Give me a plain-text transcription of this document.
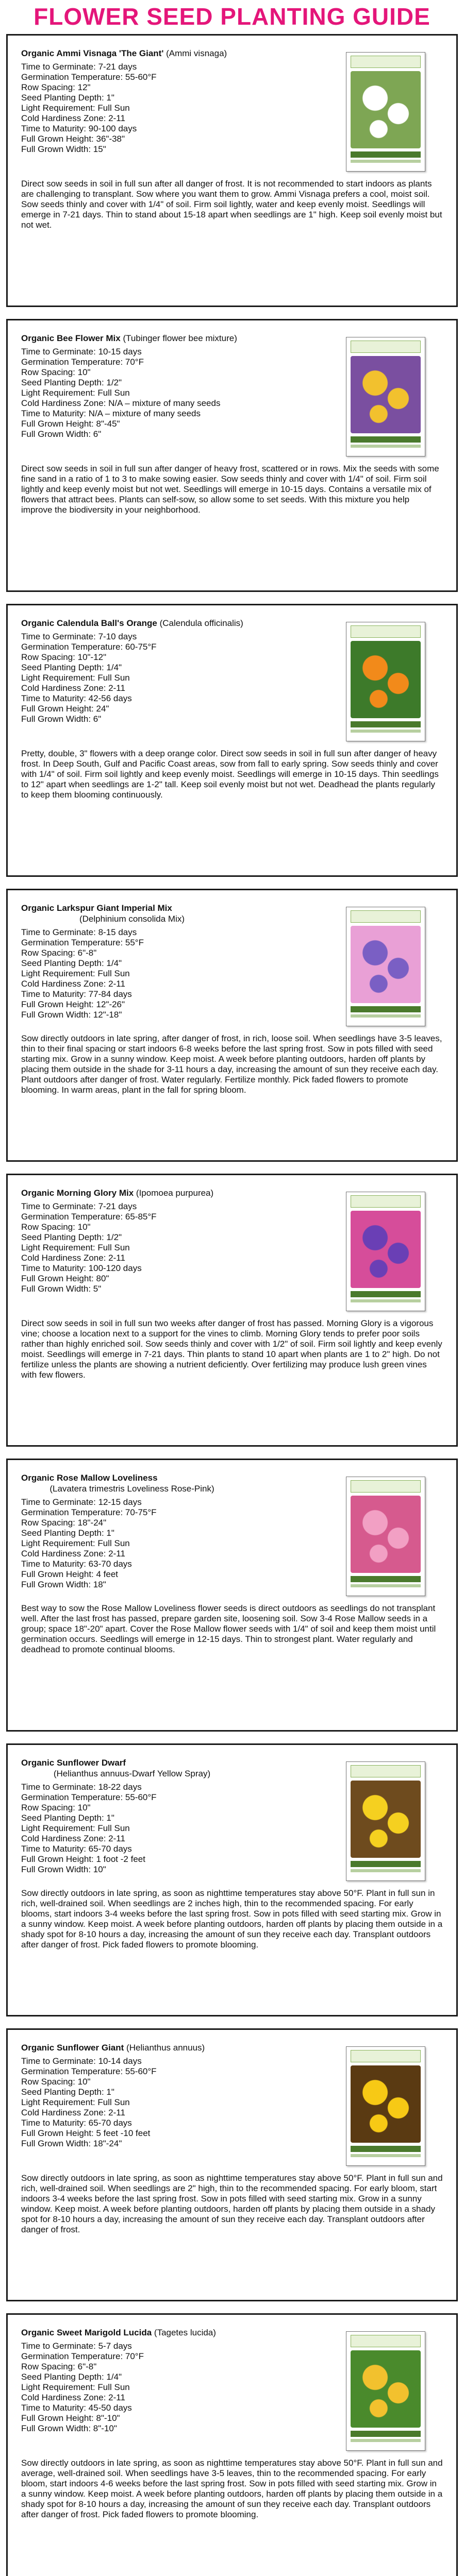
FLOWER SEED PLANTING GUIDE
Organic Ammi Visnaga 'The Giant' (Ammi visnaga)
Time to Germinate: 7-21 days
Germination Temperature: 55-60°F
Row Spacing: 12"
Seed Planting Depth: 1"
Light Requirement: Full Sun
Cold Hardiness Zone: 2-11
Time to Maturity: 90-100 days
Full Grown Height: 36"-38"
Full Grown Width: 15"
Direct sow seeds in soil in full sun after all danger of frost. It is not recommended to start indoors as plants are challenging to transplant. Sow where you want them to grow. Ammi Visnaga prefers a cool, moist soil. Sow seeds thinly and cover with 1/4" of soil. Firm soil lightly, water and keep evenly moist. Seedlings will emerge in 7-21 days. Thin to stand about 15-18 apart when seedlings are 1" high. Keep soil evenly moist but not wet.
Organic Bee Flower Mix (Tubinger flower bee mixture)
Time to Germinate: 10-15 days
Germination Temperature: 70°F
Row Spacing: 10"
Seed Planting Depth: 1/2"
Light Requirement: Full Sun
Cold Hardiness Zone: N/A – mixture of many seeds
Time to Maturity: N/A – mixture of many seeds
Full Grown Height: 8"-45"
Full Grown Width: 6"
Direct sow seeds in soil in full sun after danger of heavy frost, scattered or in rows. Mix the seeds with some fine sand in a ratio of 1 to 3 to make sowing easier. Sow seeds thinly and cover with 1/4" of soil. Firm soil lightly and keep evenly moist but not wet. Seedlings will emerge in 10-15 days. Contains a versatile mix of flowers that attract bees. Plants can self-sow, so allow some to set seeds. With this mixture you help improve the biodiversity in your neighborhood.
Organic Calendula Ball's Orange (Calendula officinalis)
Time to Germinate: 7-10 days
Germination Temperature: 60-75°F
Row Spacing: 10"-12"
Seed Planting Depth: 1/4"
Light Requirement: Full Sun
Cold Hardiness Zone: 2-11
Time to Maturity: 42-56 days
Full Grown Height: 24"
Full Grown Width: 6"
Pretty, double, 3" flowers with a deep orange color. Direct sow seeds in soil in full sun after danger of heavy frost. In Deep South, Gulf and Pacific Coast areas, sow from fall to early spring. Sow seeds thinly and cover with 1/4" of soil. Firm soil lightly and keep evenly moist. Seedlings will emerge in 10-15 days. Thin seedlings to 12" apart when seedlings are 1-2" tall. Keep soil evenly moist but not wet. Deadhead the plants regularly to keep them blooming continuously.
Organic Larkspur Giant Imperial Mix
(Delphinium consolida Mix)
Time to Germinate: 8-15 days
Germination Temperature: 55°F
Row Spacing: 6"-8"
Seed Planting Depth: 1/4"
Light Requirement: Full Sun
Cold Hardiness Zone: 2-11
Time to Maturity: 77-84 days
Full Grown Height: 12"-26"
Full Grown Width: 12"-18"
Sow directly outdoors in late spring, after danger of frost, in rich, loose soil. When seedlings have 3-5 leaves, thin to their final spacing or start indoors 6-8 weeks before the last spring frost. Sow in pots filled with seed starting mix. Grow in a sunny window. Keep moist. A week before planting outdoors, harden off plants by placing them outside in the shade for 3-11 hours a day, increasing the amount of sun they receive each day. Plant outdoors after danger of frost. Water regularly. Fertilize monthly. Pick faded flowers to promote blooming. In warm areas, plant in the fall for spring bloom.
Organic Morning Glory Mix (Ipomoea purpurea)
Time to Germinate: 7-21 days
Germination Temperature: 65-85°F
Row Spacing: 10"
Seed Planting Depth: 1/2"
Light Requirement: Full Sun
Cold Hardiness Zone: 2-11
Time to Maturity: 100-120 days
Full Grown Height: 80"
Full Grown Width: 5"
Direct sow seeds in soil in full sun two weeks after danger of frost has passed. Morning Glory is a vigorous vine; choose a location next to a support for the vines to climb. Morning Glory tends to prefer poor soils rather than highly enriched soil. Sow seeds thinly and cover with 1/2" of soil. Firm soil lightly and keep evenly moist. Seedlings will emerge in 7-21 days. Thin plants to stand 10 apart when plants are 1 to 2" high. Do not fertilize unless the plants are showing a nutrient deficiently. Over fertilizing may produce lush green vines with few flowers.
Organic Rose Mallow Loveliness
(Lavatera trimestris Loveliness Rose-Pink)
Time to Germinate: 12-15 days
Germination Temperature: 70-75°F
Row Spacing: 18"-24"
Seed Planting Depth: 1"
Light Requirement: Full Sun
Cold Hardiness Zone: 2-11
Time to Maturity: 63-70 days
Full Grown Height: 4 feet
Full Grown Width: 18"
Best way to sow the Rose Mallow Loveliness flower seeds is direct outdoors as seedlings do not transplant well. After the last frost has passed, prepare garden site, loosening soil. Sow 3-4 Rose Mallow seeds in a group; space 18"-20" apart. Cover the Rose Mallow flower seeds with 1/4" of soil and keep them moist until germination occurs. Seedlings will emerge in 12-15 days. Thin to strongest plant. Water regularly and deadhead to promote continual blooms.
Organic Sunflower Dwarf
(Helianthus annuus-Dwarf Yellow Spray)
Time to Germinate: 18-22 days
Germination Temperature: 55-60°F
Row Spacing: 10"
Seed Planting Depth: 1"
Light Requirement: Full Sun
Cold Hardiness Zone: 2-11
Time to Maturity: 65-70 days
Full Grown Height: 1 foot -2 feet
Full Grown Width: 10"
Sow directly outdoors in late spring, as soon as nighttime temperatures stay above 50°F. Plant in full sun in rich, well-drained soil. When seedlings are 2 inches high, thin to the recommended spacing. For early blooms, start indoors 3-4 weeks before the last spring frost. Sow in pots filled with seed starting mix. Grow in a sunny window. Keep moist. A week before planting outdoors, harden off plants by placing them outside in a shady spot for 8-10 hours a day, increasing the amount of sun they receive each day. Transplant outdoors after danger of frost. Pick faded flowers to promote blooming.
Organic Sunflower Giant (Helianthus annuus)
Time to Germinate: 10-14 days
Germination Temperature: 55-60°F
Row Spacing: 10"
Seed Planting Depth: 1"
Light Requirement: Full Sun
Cold Hardiness Zone: 2-11
Time to Maturity: 65-70 days
Full Grown Height: 5 feet -10 feet
Full Grown Width: 18"-24"
Sow directly outdoors in late spring, as soon as nighttime temperatures stay above 50°F. Plant in full sun and rich, well-drained soil. When seedlings are 2" high, thin to the recommended spacing. For early bloom, start indoors 3-4 weeks before the last spring frost. Sow in pots filled with seed starting mix. Grow in a sunny window. Keep moist. A week before planting outdoors, harden off plants by placing them outside in a shady spot for 8-10 hours a day, increasing the amount of sun they receive each day. Transplant outdoors after danger of frost.
Organic Sweet Marigold Lucida (Tagetes lucida)
Time to Germinate: 5-7 days
Germination Temperature: 70°F
Row Spacing: 6"-8"
Seed Planting Depth: 1/4"
Light Requirement: Full Sun
Cold Hardiness Zone: 2-11
Time to Maturity: 45-50 days
Full Grown Height: 8"-10"
Full Grown Width: 8"-10"
Sow directly outdoors in late spring, as soon as nighttime temperatures stay above 50°F. Plant in full sun and average, well-drained soil. When seedlings have 3-5 leaves, thin to the recommended spacing. For early bloom, start indoors 4-6 weeks before the last spring frost. Sow in pots filled with seed starting mix. Grow in a sunny window. Keep moist. A week before planting outdoors, harden off plants by placing them outside in a shady spot for 8-10 hours a day, increasing the amount of sun they receive each day. Transplant outdoors after danger of frost. Pick faded flowers to promote blooming.
